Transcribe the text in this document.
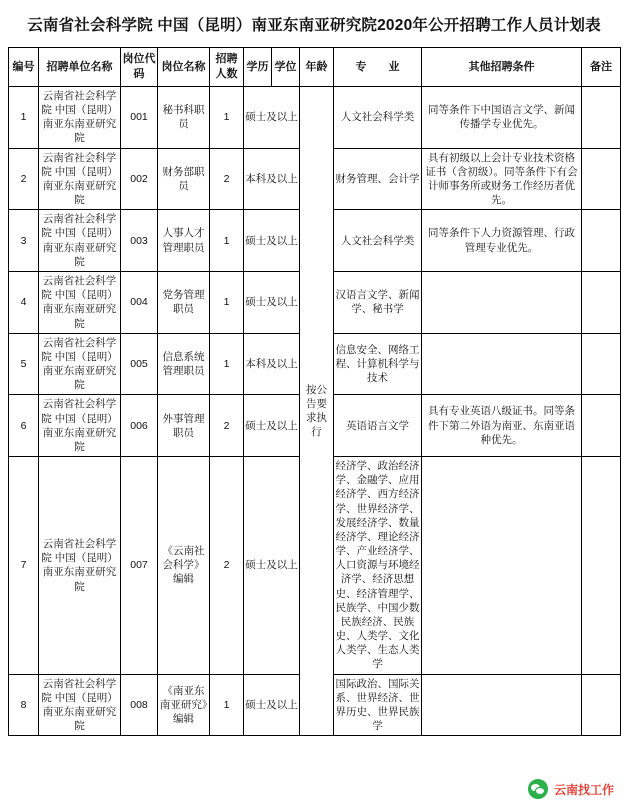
云南省社会科学院 中国（昆明）南亚东南亚研究院2020年公开招聘工作人员计划表
编号	招聘单位名称	岗位代码	岗位名称	招聘人数	学历	学位	年龄	专　　业	其他招聘条件	备注
1	云南省社会科学院 中国（昆明）南亚东南亚研究院	001	秘书科职员	1	硕士及以上		按公告要求执行	人文社会科学类	同等条件下中国语言文学、新闻传播学专业优先。	
2	云南省社会科学院 中国（昆明）南亚东南亚研究院	002	财务部职员	2	本科及以上			财务管理、会计学	具有初级以上会计专业技术资格证书（含初级）。同等条件下有会计师事务所或财务工作经历者优先。	
3	云南省社会科学院 中国（昆明）南亚东南亚研究院	003	人事人才管理职员	1	硕士及以上			人文社会科学类	同等条件下人力资源管理、行政管理专业优先。	
4	云南省社会科学院 中国（昆明）南亚东南亚研究院	004	党务管理职员	1	硕士及以上			汉语言文学、新闻学、秘书学		
5	云南省社会科学院 中国（昆明）南亚东南亚研究院	005	信息系统管理职员	1	本科及以上			信息安全、网络工程、计算机科学与技术		
6	云南省社会科学院 中国（昆明）南亚东南亚研究院	006	外事管理职员	2	硕士及以上			英语语言文学	具有专业英语八级证书。同等条件下第二外语为南亚、东南亚语种优先。	
7	云南省社会科学院 中国（昆明）南亚东南亚研究院	007	《云南社会科学》编辑	2	硕士及以上			经济学、政治经济学、金融学、应用经济学、西方经济学、世界经济学、发展经济学、数量经济学、理论经济学、产业经济学、人口资源与环境经济学、经济思想史、经济管理学、民族学、中国少数民族经济、民族史、人类学、文化人类学、生态人类学		
8	云南省社会科学院 中国（昆明）南亚东南亚研究院	008	《南亚东南亚研究》编辑	1	硕士及以上			国际政治、国际关系、世界经济、世界历史、世界民族学		
云南找工作
